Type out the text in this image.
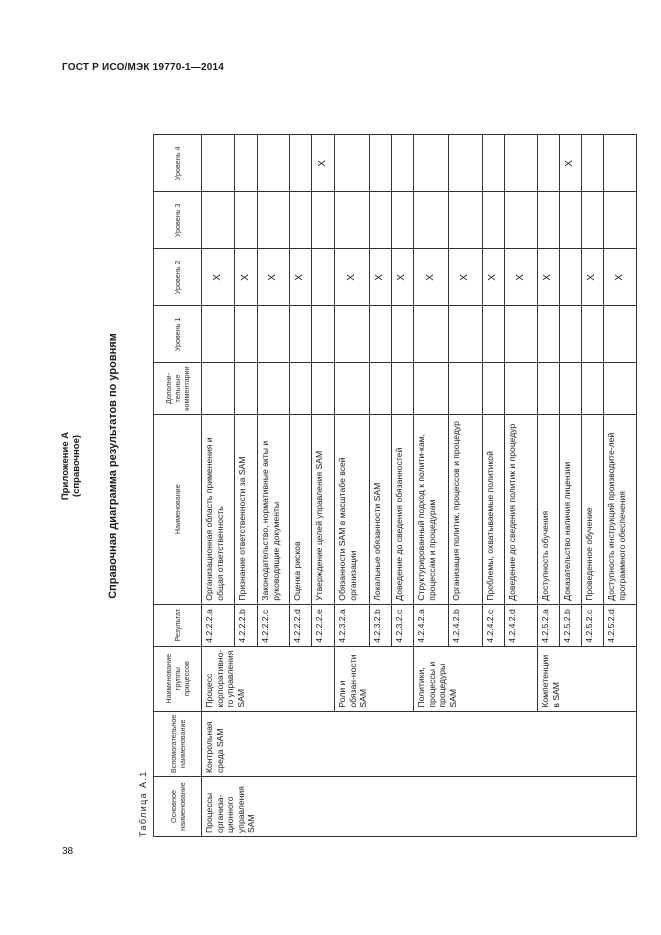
ГОСТ Р ИСО/МЭК 19770-1—2014
38
Приложение А (справочное) Справочная диаграмма результатов по уровням
Таблица А.1	Основное наименование	Вспомогательное наименование	Наименование группы процессов	Результат	Наименование	Дополни-тельные комментарии	Уровень 1	Уровень 2	Уровень 3	Уровень 4
Процессы организа-ционного управления SAM	Контрольная среда SAM	Процесс корпоративно-го управления SAM	4.2.2.2.a	Организационная область применения и общая ответственность			X		
			4.2.2.2.b	Признание ответственности за SAM			X		
			4.2.2.2.c	Законодательство, нормативные акты и руководящие документы			X		
			4.2.2.2.d	Оценка рисков			X		
			4.2.2.2.e	Утверждение целей управления SAM					X
		Роли и обязан-ности SAM	4.2.3.2.a	Обязанности SAM в масштабе всей организации			X		
			4.2.3.2.b	Локальные обязанности SAM			X		
			4.2.3.2.c	Доведение до сведения обязанностей			X		
		Политики, процессы и процедуры SAM	4.2.4.2.a	Структурированный подход к полити-кам, процессам и процедурам			X		
			4.2.4.2.b	Организация политик, процессов и процедур			X		
			4.2.4.2.c	Проблемы, охватываемые политикой			X		
			4.2.4.2.d	Доведение до сведения политик и процедур			X		
		Компетенции в SAM	4.2.5.2.a	Доступность обучения			X		
			4.2.5.2.b	Доказательство наличия лицензии					X
			4.2.5.2.c	Проведенное обучение			X		
			4.2.5.2.d	Доступность инструкций производите-лей программного обеспечения			X		
